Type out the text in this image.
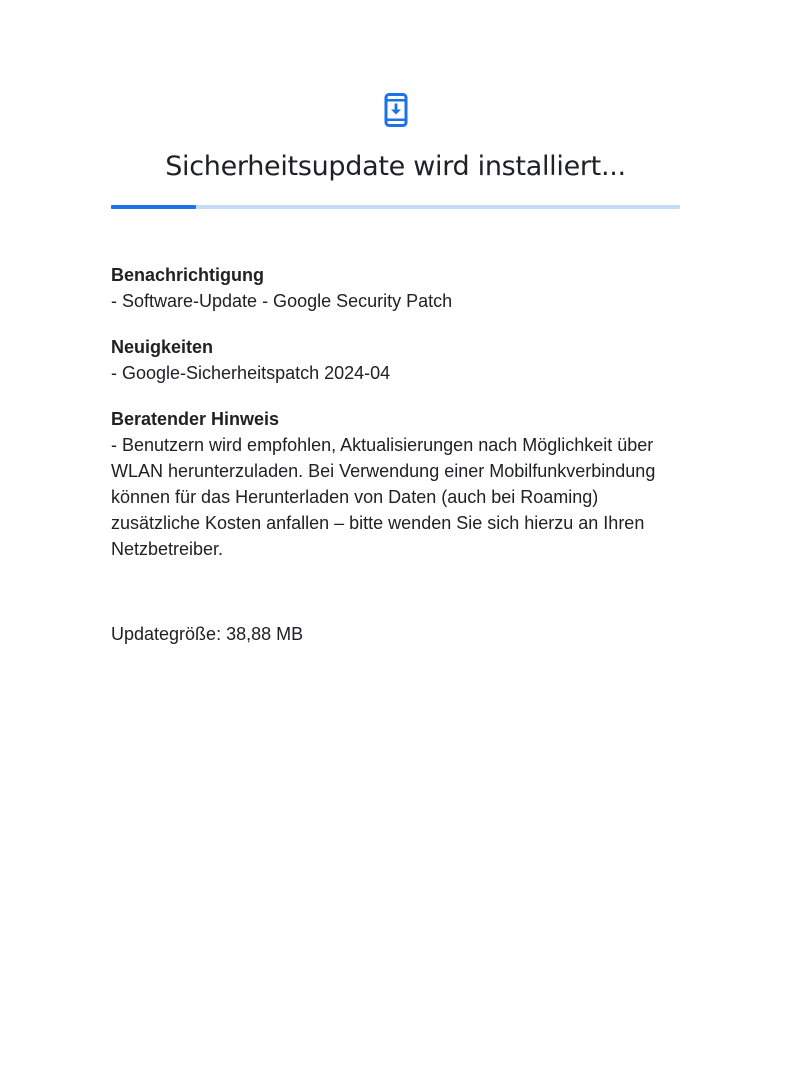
Sicherheitsupdate wird installiert...

Benachrichtigung

- Software-Update - Google Security Patch

Neuigkeiten

- Google-Sicherheitspatch 2024-04

Beratender Hinweis

- Benutzern wird empfohlen, Aktualisierungen nach Möglichkeit über WLAN herunterzuladen. Bei Verwendung einer Mobilfunkverbindung können für das Herunterladen von Daten (auch bei Roaming) zusätzliche Kosten anfallen – bitte wenden Sie sich hierzu an Ihren Netzbetreiber.

Updategröße: 38,88 MB
